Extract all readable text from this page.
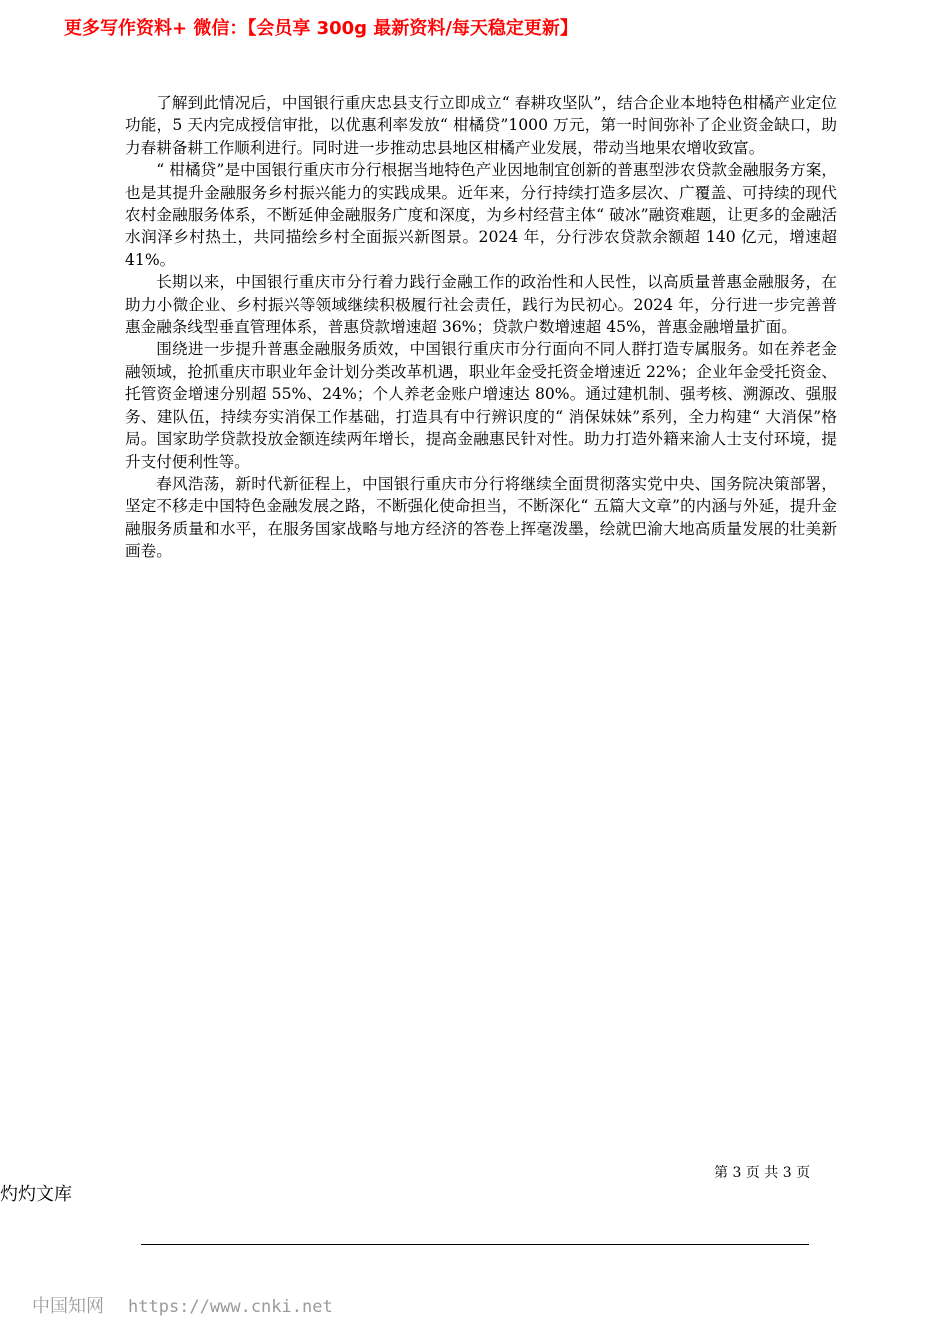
更多写作资料+ 微信：【会员享 300g 最新资料/每天稳定更新】

了解到此情况后，中国银行重庆忠县支行立即成立“ 春耕攻坚队”，结合企业本地特色柑橘产业定位功能，5 天内完成授信审批，以优惠利率发放“ 柑橘贷”1000 万元，第一时间弥补了企业资金缺口，助力春耕备耕工作顺利进行。同时进一步推动忠县地区柑橘产业发展，带动当地果农增收致富。

“ 柑橘贷”是中国银行重庆市分行根据当地特色产业因地制宜创新的普惠型涉农贷款金融服务方案，也是其提升金融服务乡村振兴能力的实践成果。近年来，分行持续打造多层次、广覆盖、可持续的现代农村金融服务体系，不断延伸金融服务广度和深度，为乡村经营主体“ 破冰”融资难题，让更多的金融活水润泽乡村热土，共同描绘乡村全面振兴新图景。2024 年，分行涉农贷款余额超 140 亿元，增速超 41%。

长期以来，中国银行重庆市分行着力践行金融工作的政治性和人民性，以高质量普惠金融服务，在助力小微企业、乡村振兴等领域继续积极履行社会责任，践行为民初心。2024 年，分行进一步完善普惠金融条线型垂直管理体系，普惠贷款增速超 36%；贷款户数增速超 45%，普惠金融增量扩面。

围绕进一步提升普惠金融服务质效，中国银行重庆市分行面向不同人群打造专属服务。如在养老金融领域，抢抓重庆市职业年金计划分类改革机遇，职业年金受托资金增速近 22%；企业年金受托资金、托管资金增速分别超 55%、24%；个人养老金账户增速达 80%。通过建机制、强考核、溯源改、强服务、建队伍，持续夯实消保工作基础，打造具有中行辨识度的“ 消保妹妹”系列，全力构建“ 大消保”格局。国家助学贷款投放金额连续两年增长，提高金融惠民针对性。助力打造外籍来渝人士支付环境，提升支付便利性等。

春风浩荡，新时代新征程上，中国银行重庆市分行将继续全面贯彻落实党中央、国务院决策部署，坚定不移走中国特色金融发展之路，不断强化使命担当，不断深化“ 五篇大文章”的内涵与外延，提升金融服务质量和水平，在服务国家战略与地方经济的答卷上挥毫泼墨，绘就巴渝大地高质量发展的壮美新画卷。

第 3 页 共 3 页
灼灼文库
中国知网 https://www.cnki.net
